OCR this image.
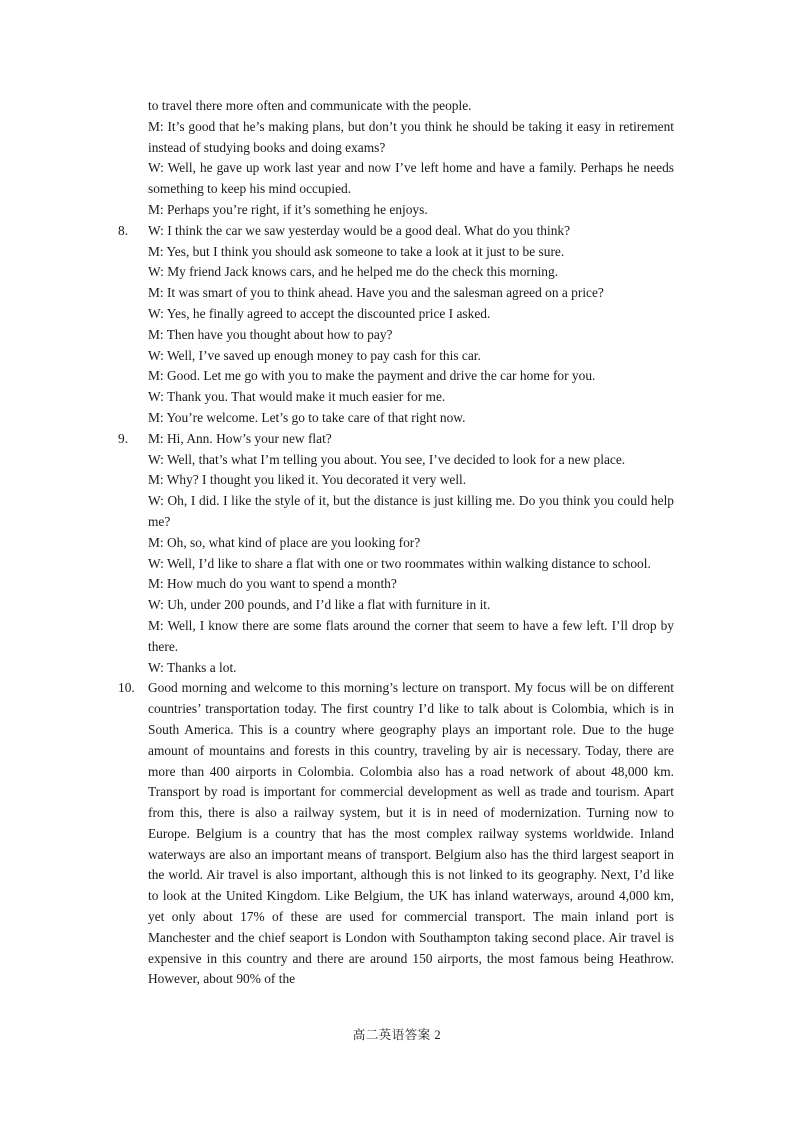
to travel there more often and communicate with the people.
M: It’s good that he’s making plans, but don’t you think he should be taking it easy in retirement instead of studying books and doing exams?
W: Well, he gave up work last year and now I’ve left home and have a family. Perhaps he needs something to keep his mind occupied.
M: Perhaps you’re right, if it’s something he enjoys.
8. W: I think the car we saw yesterday would be a good deal. What do you think?
M: Yes, but I think you should ask someone to take a look at it just to be sure.
W: My friend Jack knows cars, and he helped me do the check this morning.
M: It was smart of you to think ahead. Have you and the salesman agreed on a price?
W: Yes, he finally agreed to accept the discounted price I asked.
M: Then have you thought about how to pay?
W: Well, I’ve saved up enough money to pay cash for this car.
M: Good. Let me go with you to make the payment and drive the car home for you.
W: Thank you. That would make it much easier for me.
M: You’re welcome. Let’s go to take care of that right now.
9. M: Hi, Ann. How’s your new flat?
W: Well, that’s what I’m telling you about. You see, I’ve decided to look for a new place.
M: Why? I thought you liked it. You decorated it very well.
W: Oh, I did. I like the style of it, but the distance is just killing me. Do you think you could help me?
M: Oh, so, what kind of place are you looking for?
W: Well, I’d like to share a flat with one or two roommates within walking distance to school.
M: How much do you want to spend a month?
W: Uh, under 200 pounds, and I’d like a flat with furniture in it.
M: Well, I know there are some flats around the corner that seem to have a few left. I’ll drop by there.
W: Thanks a lot.
10. Good morning and welcome to this morning’s lecture on transport. My focus will be on different countries’ transportation today. The first country I’d like to talk about is Colombia, which is in South America. This is a country where geography plays an important role. Due to the huge amount of mountains and forests in this country, traveling by air is necessary. Today, there are more than 400 airports in Colombia. Colombia also has a road network of about 48,000 km. Transport by road is important for commercial development as well as trade and tourism. Apart from this, there is also a railway system, but it is in need of modernization. Turning now to Europe. Belgium is a country that has the most complex railway systems worldwide. Inland waterways are also an important means of transport. Belgium also has the third largest seaport in the world. Air travel is also important, although this is not linked to its geography. Next, I’d like to look at the United Kingdom. Like Belgium, the UK has inland waterways, around 4,000 km, yet only about 17% of these are used for commercial transport. The main inland port is Manchester and the chief seaport is London with Southampton taking second place. Air travel is expensive in this country and there are around 150 airports, the most famous being Heathrow. However, about 90% of the
高二英语答案 2
